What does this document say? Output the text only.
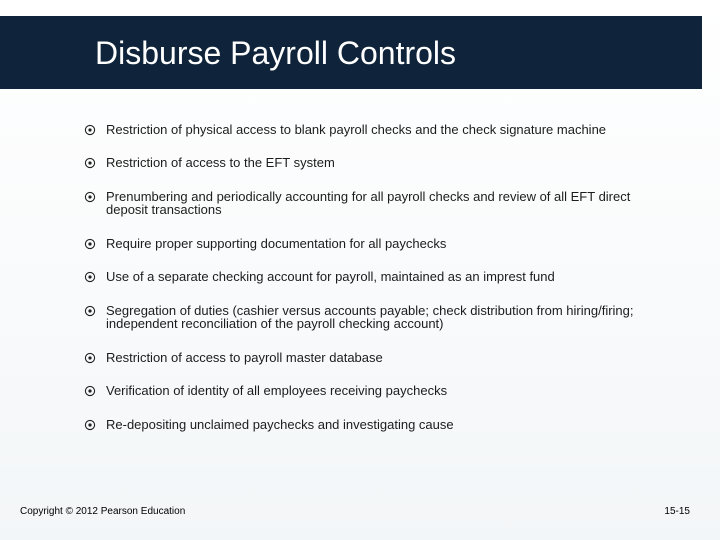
Disburse Payroll Controls
Restriction of physical access to blank payroll checks and the check signature machine
Restriction of access to the EFT system
Prenumbering and periodically accounting for all payroll checks and review of all EFT direct deposit transactions
Require proper supporting documentation for all paychecks
Use of a separate checking account for payroll, maintained as an imprest fund
Segregation of duties (cashier versus accounts payable; check distribution from hiring/firing; independent reconciliation of the payroll checking account)
Restriction of access to payroll master database
Verification of identity of all employees receiving paychecks
Re-depositing unclaimed paychecks and investigating cause
Copyright © 2012 Pearson Education	15-15
